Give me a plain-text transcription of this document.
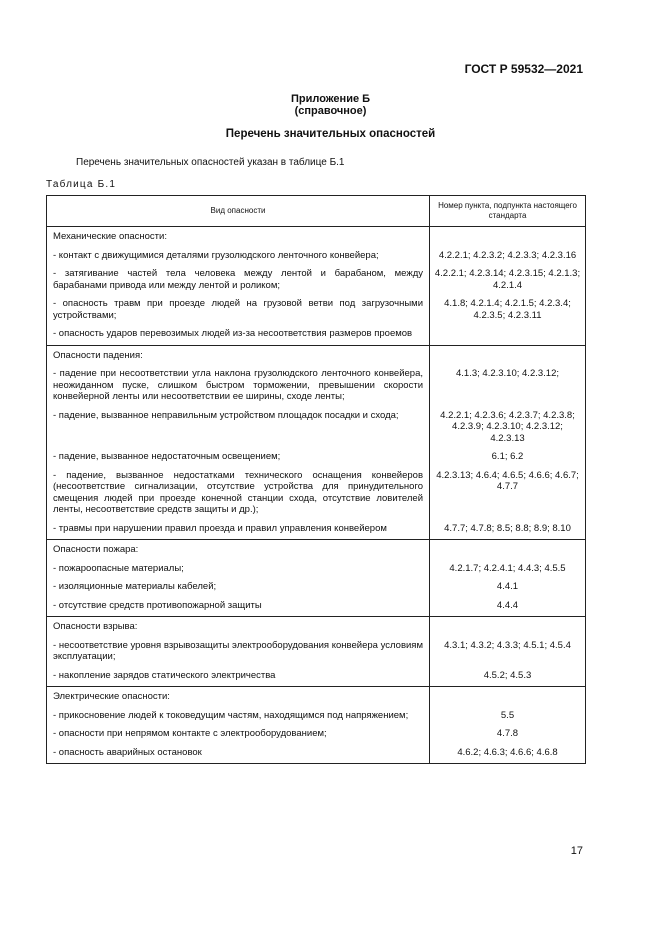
ГОСТ Р 59532—2021
Приложение Б
(справочное)
Перечень значительных опасностей
Перечень значительных опасностей указан в таблице Б.1
Таблица Б.1
Вид опасности	Номер пункта, подпункта настоящего стандарта
Механические опасности:	
- контакт с движущимися деталями грузолюдского ленточного конвейера;	4.2.2.1; 4.2.3.2; 4.2.3.3; 4.2.3.16
- затягивание частей тела человека между лентой и барабаном, между барабанами привода или между лентой и роликом;	4.2.2.1; 4.2.3.14; 4.2.3.15; 4.2.1.3; 4.2.1.4
- опасность травм при проезде людей на грузовой ветви под загрузочными устройствами;	4.1.8; 4.2.1.4; 4.2.1.5; 4.2.3.4; 4.2.3.5; 4.2.3.11
- опасность ударов перевозимых людей из-за несоответствия размеров проемов	
Опасности падения:	
- падение при несоответствии угла наклона грузолюдского ленточного конвейера, неожиданном пуске, слишком быстром торможении, превышении скорости конвейерной ленты или несоответствии ее ширины, сходе ленты;	4.1.3; 4.2.3.10; 4.2.3.12;
- падение, вызванное неправильным устройством площадок посадки и схода;	4.2.2.1; 4.2.3.6; 4.2.3.7; 4.2.3.8; 4.2.3.9; 4.2.3.10; 4.2.3.12; 4.2.3.13
- падение, вызванное недостаточным освещением;	6.1; 6.2
- падение, вызванное недостатками технического оснащения конвейеров (несоответствие сигнализации, отсутствие устройства для принудительного смещения людей при проезде конечной станции схода, отсутствие ловителей ленты, несоответствие средств защиты и др.);	4.2.3.13; 4.6.4; 4.6.5; 4.6.6; 4.6.7; 4.7.7
- травмы при нарушении правил проезда и правил управления конвейером	4.7.7; 4.7.8; 8.5; 8.8; 8.9; 8.10
Опасности пожара:	
- пожароопасные материалы;	4.2.1.7; 4.2.4.1; 4.4.3; 4.5.5
- изоляционные материалы кабелей;	4.4.1
- отсутствие средств противопожарной защиты	4.4.4
Опасности взрыва:	
- несоответствие уровня взрывозащиты электрооборудования конвейера условиям эксплуатации;	4.3.1; 4.3.2; 4.3.3; 4.5.1; 4.5.4
- накопление зарядов статического электричества	4.5.2; 4.5.3
Электрические опасности:	
- прикосновение людей к токоведущим частям, находящимся под напряжением;	5.5
- опасности при непрямом контакте с электрооборудованием;	4.7.8
- опасность аварийных остановок	4.6.2; 4.6.3; 4.6.6; 4.6.8
17
